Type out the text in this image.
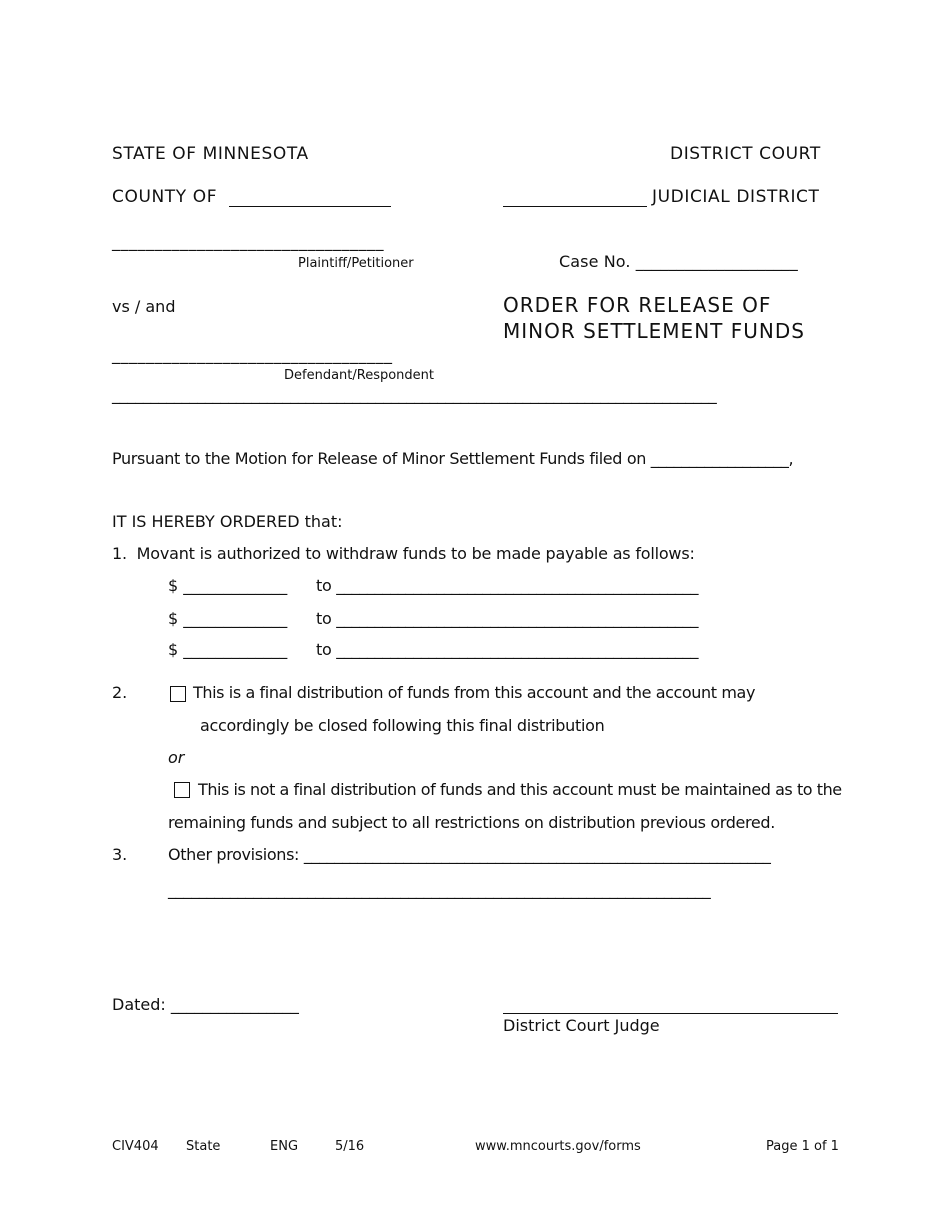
STATE OF MINNESOTA	DISTRICT COURT
COUNTY OF	JUDICIAL DISTRICT
________________________________
Plaintiff/Petitioner	Case No. ____________________
vs / and	ORDER FOR RELEASE OF
MINOR SETTLEMENT FUNDS
_________________________________
Defendant/Respondent
______________________________________________________________________________
Pursuant to the Motion for Release of Minor Settlement Funds filed on __________________,
IT IS HEREBY ORDERED that:
1.  Movant is authorized to withdraw funds to be made payable as follows:
$ _____________ to _______________________________________________
$ _____________ to _______________________________________________
$ _____________ to _______________________________________________
2.	This is a final distribution of funds from this account and the account may
accordingly be closed following this final distribution
or
This is not a final distribution of funds and this account must be maintained as to the
remaining funds and subject to all restrictions on distribution previous ordered.
3.	Other provisions: _____________________________________________________________
______________________________________________________________________
Dated: ________________
District Court Judge
CIV404 State	ENG	5/16	www.mncourts.gov/forms	Page 1 of 1
